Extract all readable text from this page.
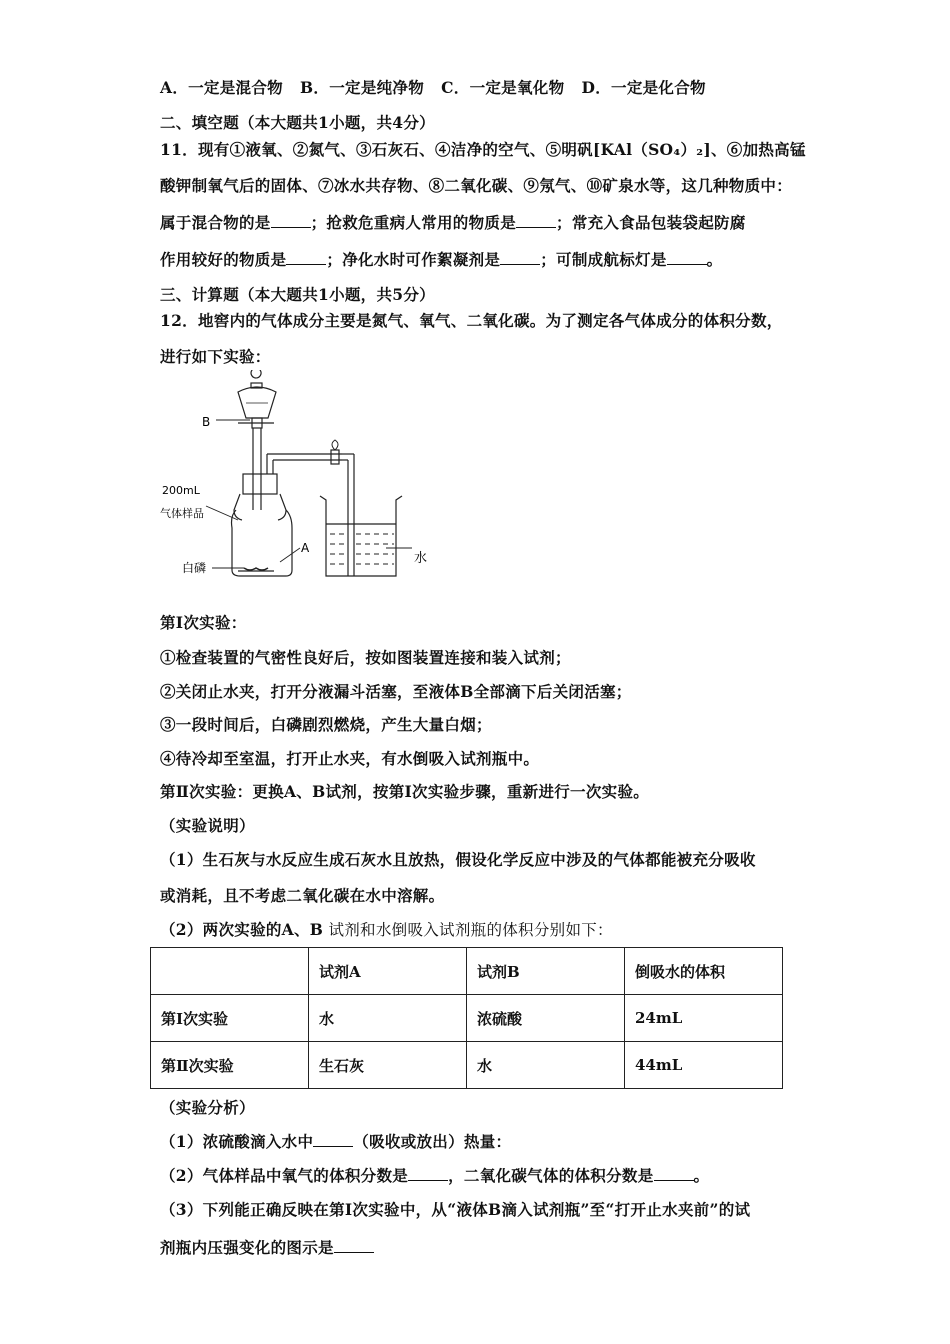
A．一定是混合物 B．一定是纯净物 C．一定是氧化物 D．一定是化合物
二、填空题（本大题共1小题，共4分）
11．现有①液氧、②氮气、③石灰石、④洁净的空气、⑤明矾[KAl（SO₄）₂]、⑥加热高锰
酸钾制氧气后的固体、⑦冰水共存物、⑧二氧化碳、⑨氖气、⑩矿泉水等，这几种物质中：
属于混合物的是	；抢救危重病人常用的物质是	；常充入食品包装袋起防腐
作用较好的物质是	；净化水时可作絮凝剂是	；可制成航标灯是	。
三、计算题（本大题共1小题，共5分）
12．地窖内的气体成分主要是氮气、氧气、二氧化碳。为了测定各气体成分的体积分数，
进行如下实验：
B
200mL
气体样品
A
白磷
水
第Ⅰ次实验：
①检查装置的气密性良好后，按如图装置连接和装入试剂；
②关闭止水夹，打开分液漏斗活塞，至液体B全部滴下后关闭活塞；
③一段时间后，白磷剧烈燃烧，产生大量白烟；
④待冷却至室温，打开止水夹，有水倒吸入试剂瓶中。
第Ⅱ次实验：更换A、B试剂，按第Ⅰ次实验步骤，重新进行一次实验。
（实验说明）
（1）生石灰与水反应生成石灰水且放热，假设化学反应中涉及的气体都能被充分吸收
或消耗，且不考虑二氧化碳在水中溶解。
（2）两次实验的A、B 试剂和水倒吸入试剂瓶的体积分别如下：
	试剂A	试剂B	倒吸水的体积
第Ⅰ次实验	水	浓硫酸	24mL
第Ⅱ次实验	生石灰	水	44mL
（实验分析）
（1）浓硫酸滴入水中	（吸收或放出）热量：
（2）气体样品中氧气的体积分数是	，二氧化碳气体的体积分数是	。
（3）下列能正确反映在第Ⅰ次实验中，从“液体B滴入试剂瓶”至“打开止水夹前”的试
剂瓶内压强变化的图示是
